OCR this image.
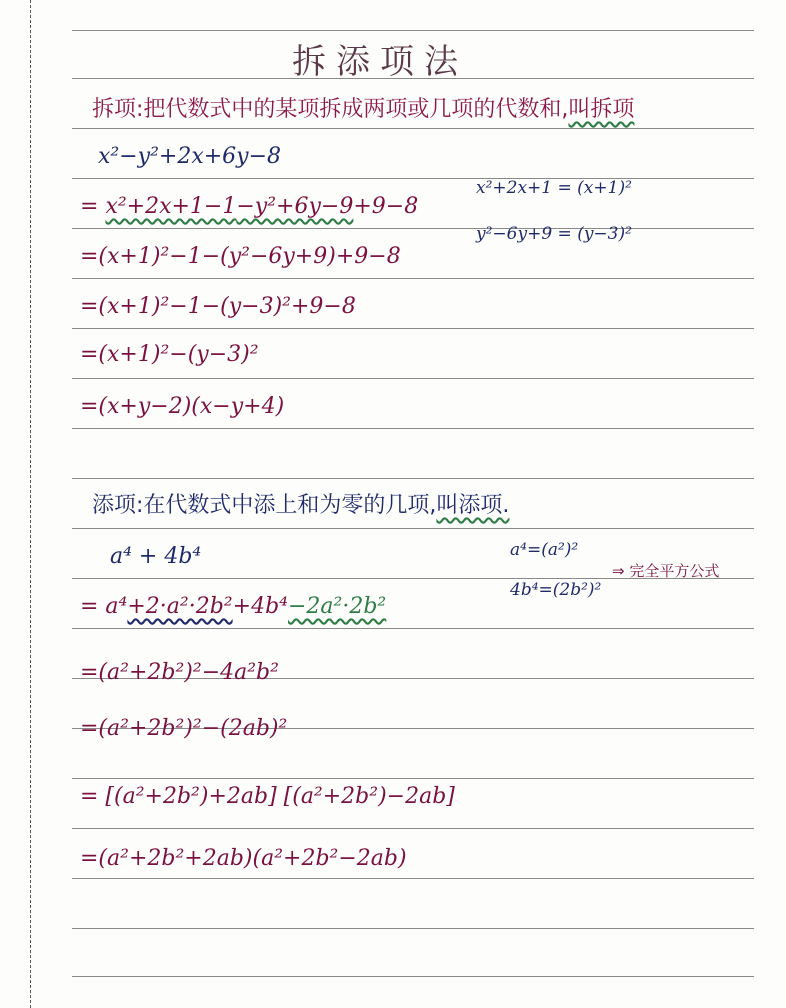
拆添项法
拆项:把代数式中的某项拆成两项或几项的代数和,叫拆项
x²−y²+2x+6y−8
= x²+2x+1−1−y²+6y−9+9−8
=(x+1)²−1−(y²−6y+9)+9−8
=(x+1)²−1−(y−3)²+9−8
=(x+1)²−(y−3)²
=(x+y−2)(x−y+4)
x²+2x+1 = (x+1)²
y²−6y+9 = (y−3)²
添项:在代数式中添上和为零的几项,叫添项.
a⁴ + 4b⁴
= a⁴+2·a²·2b²+4b⁴−2a²·2b²
=(a²+2b²)²−4a²b²
=(a²+2b²)²−(2ab)²
= [(a²+2b²)+2ab] [(a²+2b²)−2ab]
=(a²+2b²+2ab)(a²+2b²−2ab)
a⁴=(a²)²
4b⁴=(2b²)²
⇒ 完全平方公式
